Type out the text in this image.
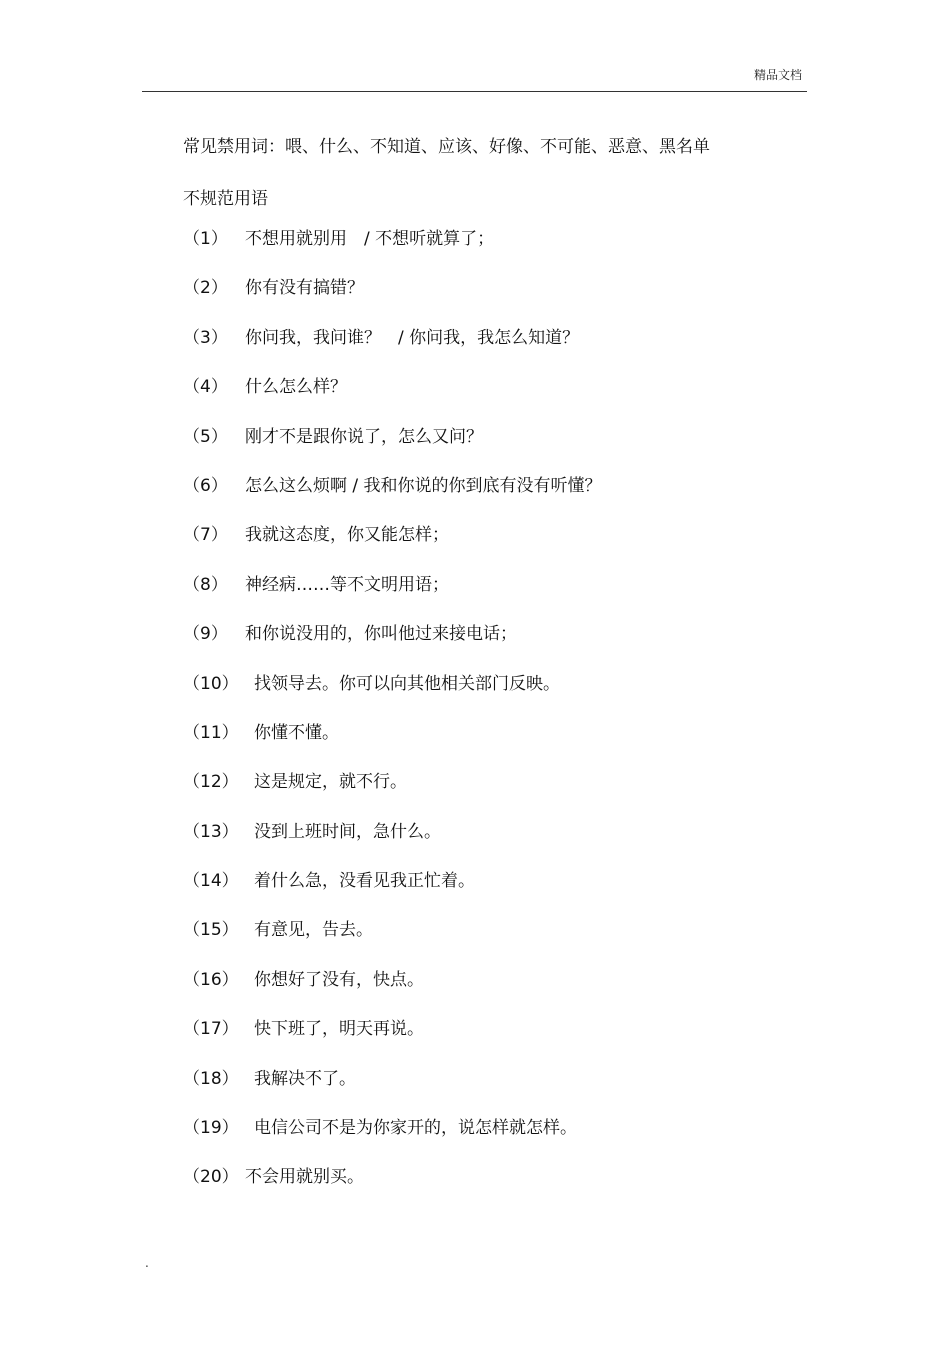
精品文档
常见禁用词：喂、什么、不知道、应该、好像、不可能、恶意、黑名单
不规范用语
（1）	不想用就别用　/ 不想听就算了；
（2）	你有没有搞错？
（3）	你问我，我问谁？　/ 你问我，我怎么知道？
（4）	什么怎么样？
（5）	刚才不是跟你说了，怎么又问？
（6）	怎么这么烦啊 / 我和你说的你到底有没有听懂？
（7）	我就这态度，你又能怎样；
（8）	神经病……等不文明用语；
（9）	和你说没用的，你叫他过来接电话；
（10） 找领导去。你可以向其他相关部门反映。
（11） 你懂不懂。
（12） 这是规定，就不行。
（13） 没到上班时间，急什么。
（14） 着什么急，没看见我正忙着。
（15） 有意见，告去。
（16） 你想好了没有，快点。
（17） 快下班了，明天再说。
（18） 我解决不了。
（19） 电信公司不是为你家开的，说怎样就怎样。
（20） 不会用就别买。
.
